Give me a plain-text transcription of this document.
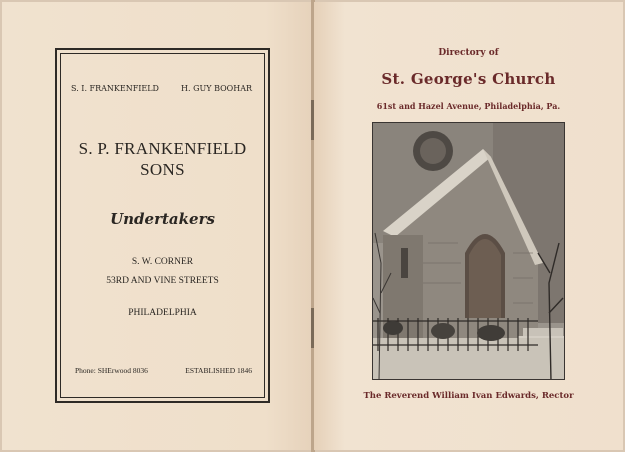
S. I. FRANKENFIELD	H. GUY BOOHAR
S. P. FRANKENFIELD
SONS
Undertakers
S. W. CORNER
53RD AND VINE STREETS
PHILADELPHIA
Phone: SHErwood 8036	ESTABLISHED 1846
Directory of
St. George's Church
61st and Hazel Avenue, Philadelphia, Pa.
The Reverend William Ivan Edwards, Rector
